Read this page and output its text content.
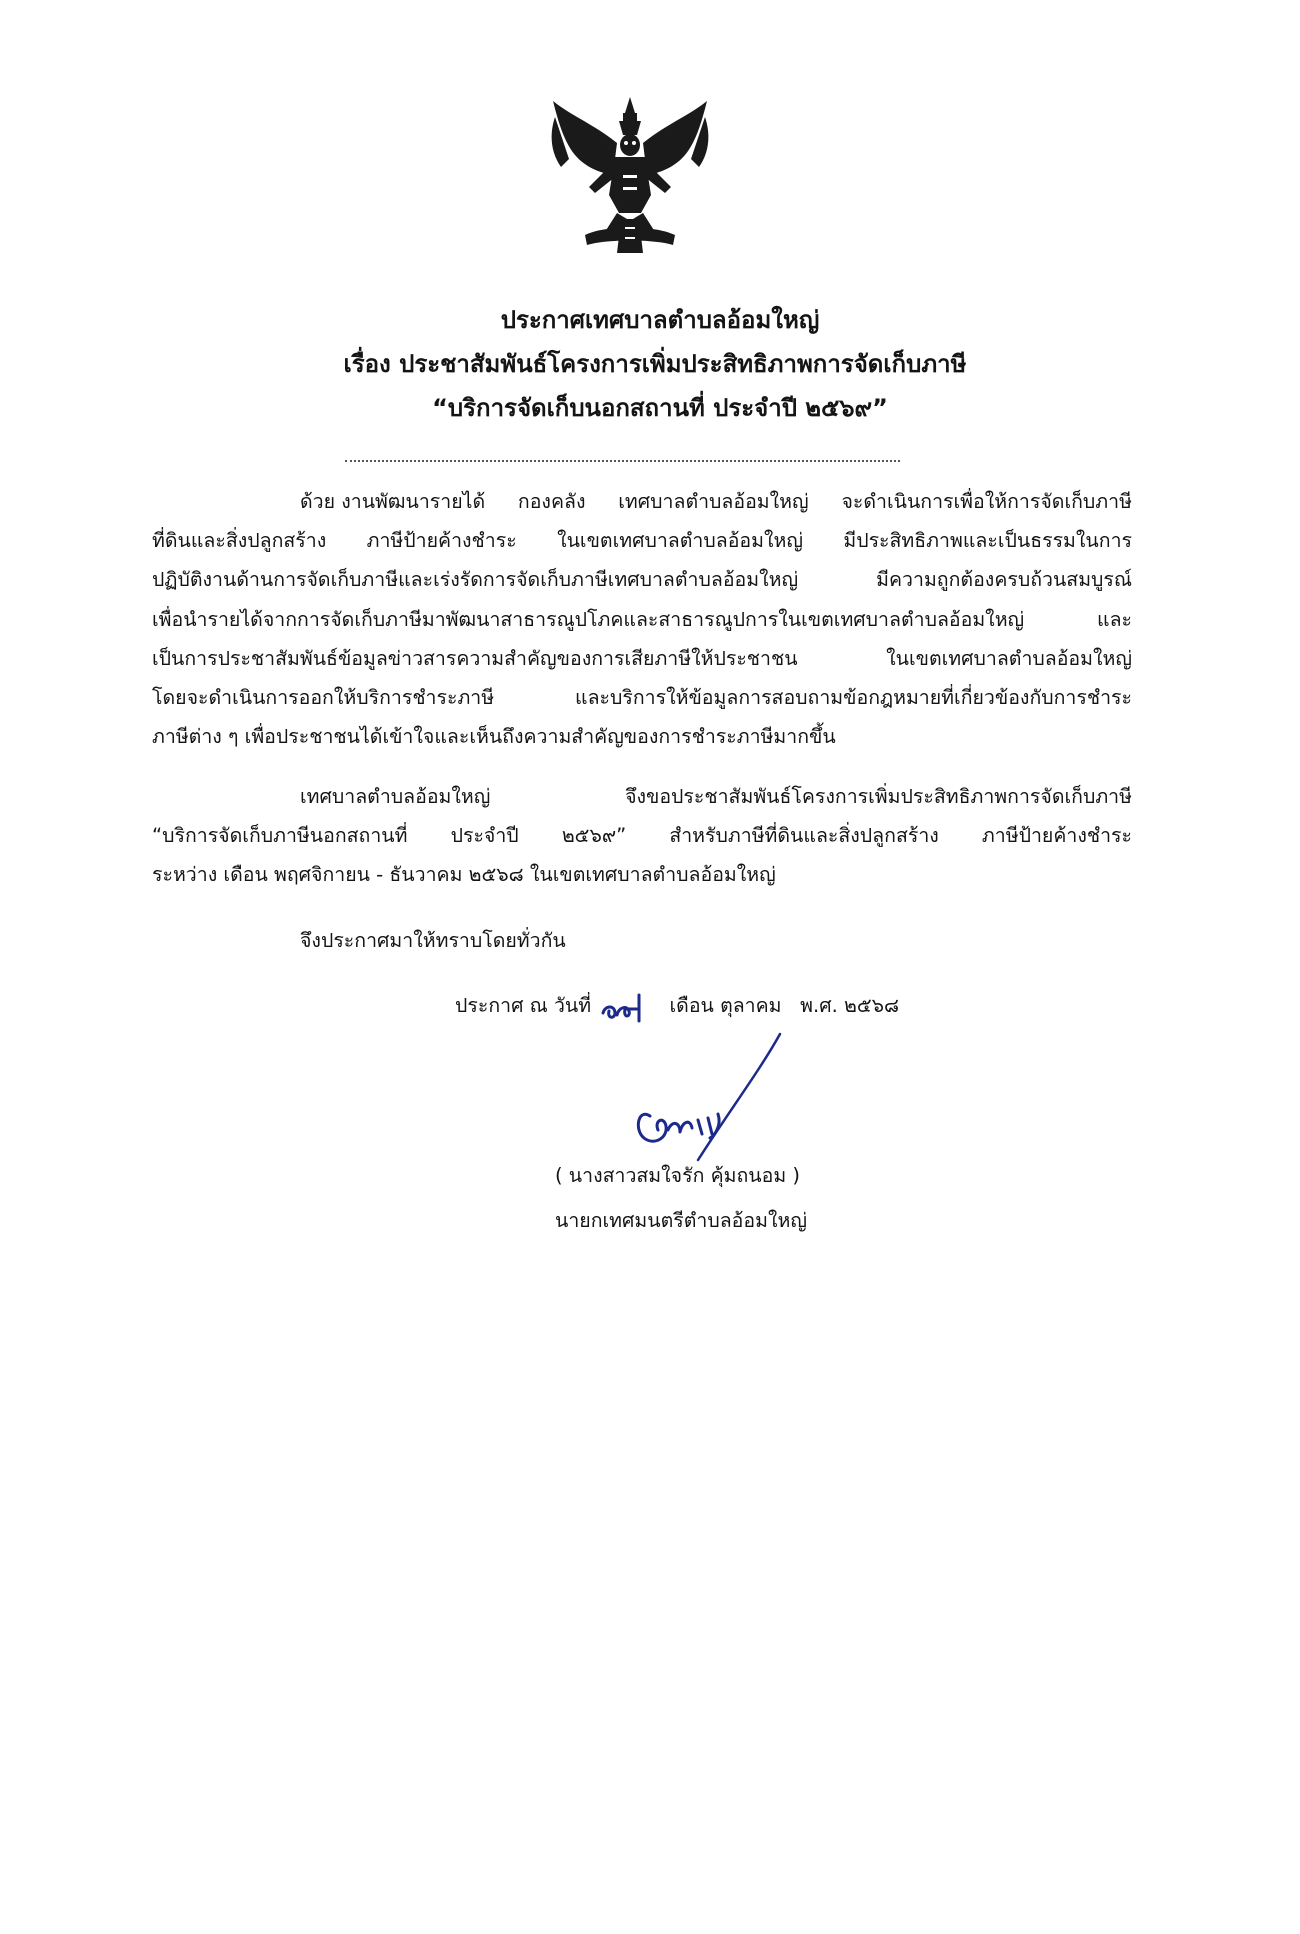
ประกาศเทศบาลตำบลอ้อมใหญ่
เรื่อง ประชาสัมพันธ์โครงการเพิ่มประสิทธิภาพการจัดเก็บภาษี
“บริการจัดเก็บนอกสถานที่ ประจำปี ๒๕๖๙”
ด้วย งานพัฒนารายได้ กองคลัง เทศบาลตำบลอ้อมใหญ่ จะดำเนินการเพื่อให้การจัดเก็บภาษี
ที่ดินและสิ่งปลูกสร้าง ภาษีป้ายค้างชำระ ในเขตเทศบาลตำบลอ้อมใหญ่ มีประสิทธิภาพและเป็นธรรมในการ
ปฏิบัติงานด้านการจัดเก็บภาษีและเร่งรัดการจัดเก็บภาษีเทศบาลตำบลอ้อมใหญ่	มีความถูกต้องครบถ้วนสมบูรณ์
เพื่อนำรายได้จากการจัดเก็บภาษีมาพัฒนาสาธารณูปโภคและสาธารณูปการในเขตเทศบาลตำบลอ้อมใหญ่	และ
เป็นการประชาสัมพันธ์ข้อมูลข่าวสารความสำคัญของการเสียภาษีให้ประชาชน	ในเขตเทศบาลตำบลอ้อมใหญ่
โดยจะดำเนินการออกให้บริการชำระภาษี	และบริการให้ข้อมูลการสอบถามข้อกฎหมายที่เกี่ยวข้องกับการชำระ
ภาษีต่าง ๆ เพื่อประชาชนได้เข้าใจและเห็นถึงความสำคัญของการชำระภาษีมากขึ้น
เทศบาลตำบลอ้อมใหญ่	จึงขอประชาสัมพันธ์โครงการเพิ่มประสิทธิภาพการจัดเก็บภาษี
“บริการจัดเก็บภาษีนอกสถานที่ ประจำปี ๒๕๖๙” สำหรับภาษีที่ดินและสิ่งปลูกสร้าง ภาษีป้ายค้างชำระ
ระหว่าง เดือน พฤศจิกายน - ธันวาคม ๒๕๖๘ ในเขตเทศบาลตำบลอ้อมใหญ่
จึงประกาศมาให้ทราบโดยทั่วกัน
ประกาศ ณ วันที่	เดือน ตุลาคม พ.ศ. ๒๕๖๘
( นางสาวสมใจรัก คุ้มถนอม )
นายกเทศมนตรีตำบลอ้อมใหญ่
